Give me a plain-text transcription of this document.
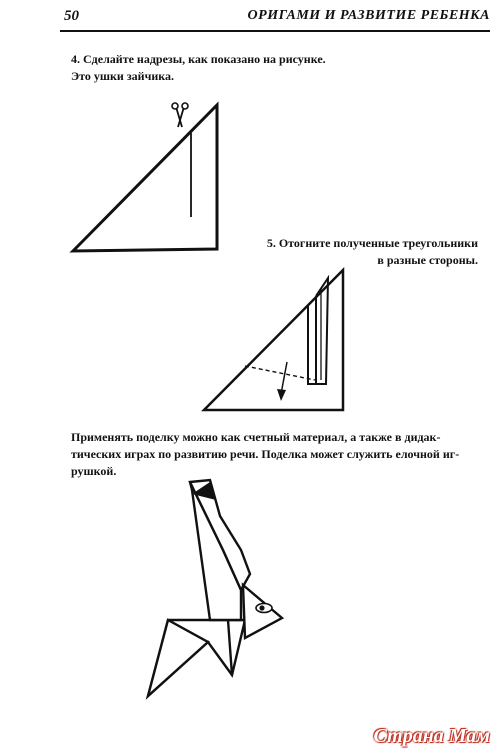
50	ОРИГАМИ И РАЗВИТИЕ РЕБЕНКА
4. Сделайте надрезы, как показано на рисунке.
Это ушки зайчика.
5. Отогните полученные треугольники
в разные стороны.
Применять поделку можно как счетный материал, а также в дидак-
тических играх по развитию речи. Поделка может служить елочной иг-
рушкой.
Страна Мам
